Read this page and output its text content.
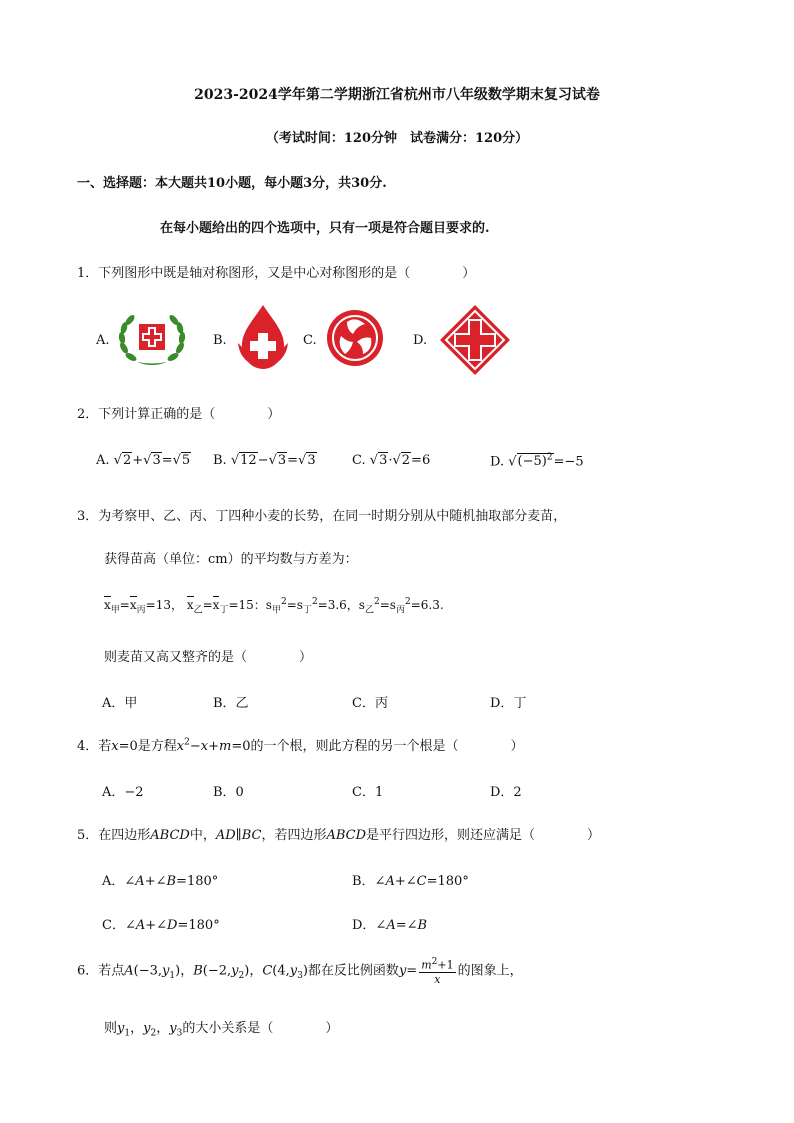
2023-2024学年第二学期浙江省杭州市八年级数学期末复习试卷
（考试时间：120分钟　试卷满分：120分）
一、选择题：本大题共10小题，每小题3分，共30分.
在每小题给出的四个选项中，只有一项是符合题目要求的.
1．下列图形中既是轴对称图形，又是中心对称图形的是（　　　　）
A.	B.	C.	D.
2．下列计算正确的是（　　　　）
A. √2+√3=√5 B. √12−√3=√3	C. √3·√2=6	D. $√(-5)^2=-5$
3．为考察甲、乙、丙、丁四种小麦的长势，在同一时期分别从中随机抽取部分麦苗，
获得苗高（单位：cm）的平均数与方差为：
$x_甲=x_丙=13$， $x_乙=x_丁=15$：$s_甲^2=s_丁^2=3.6$，$s_乙^2=s_丙^2=6.3$.
则麦苗又高又整齐的是（　　　　）
A．甲	B．乙	C．丙	D．丁
4．若x=0是方程$x^2-x+m=0$的一个根，则此方程的另一个根是（　　　　）
A．−2	B．0	C．1	D．2
5．在四边形ABCD中，AD∥BC，若四边形ABCD是平行四边形，则还应满足（　　　　）
A．∠A+∠B=180°	B．∠A+∠C=180°
C．∠A+∠D=180°	D．∠A=∠B
6．若点$A(-3,y_1)$，$B(-2,y_2)$，$C(4,y_3)$都在反比例函数$y= \frac{m^2+1}{x}$ 的图象上，
则$y_1$，$y_2$，$y_3$的大小关系是（　　　　）
